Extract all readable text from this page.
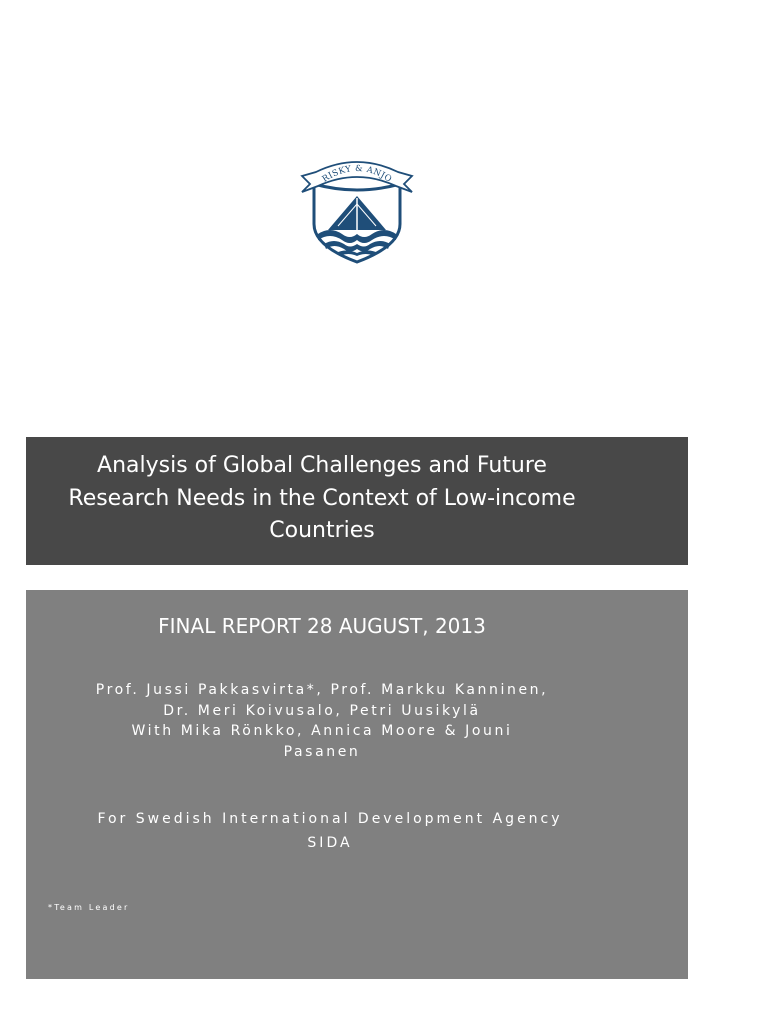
RISKY & ANJO
Analysis of Global Challenges and Future
Research Needs in the Context of Low-income
Countries

FINAL REPORT 28 AUGUST, 2013

Prof. Jussi Pakkasvirta*, Prof. Markku Kanninen,
Dr. Meri Koivusalo, Petri Uusikylä
With Mika Rönkko, Annica Moore & Jouni
Pasanen
For Swedish International Development Agency
SIDA
*Team Leader
